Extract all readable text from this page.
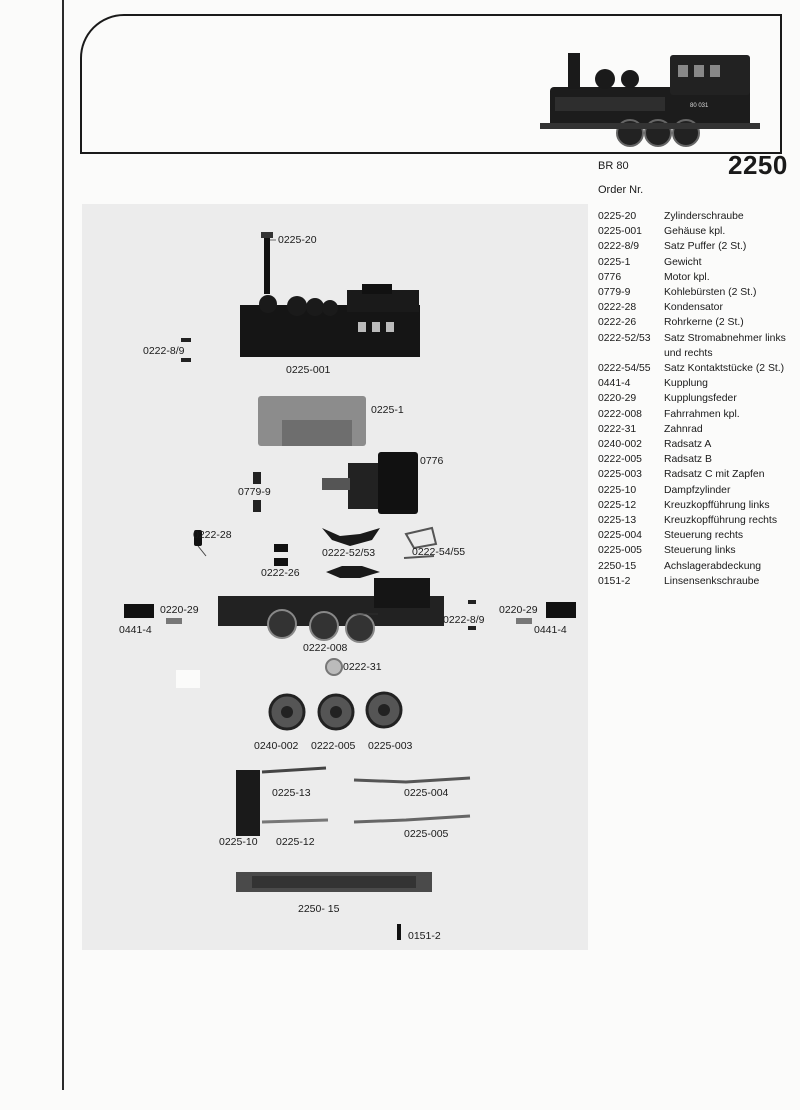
80 031
BR 80	2250
Order Nr.
0225-20	Zylinderschraube
0225-001	Gehäuse kpl.
0222-8/9	Satz Puffer (2 St.)
0225-1	Gewicht
0776	Motor kpl.
0779-9	Kohlebürsten (2 St.)
0222-28	Kondensator
0222-26	Rohrkerne (2 St.)
0222-52/53	Satz Stromabnehmer links und rechts
0222-54/55	Satz Kontaktstücke (2 St.)
0441-4	Kupplung
0220-29	Kupplungsfeder
0222-008	Fahrrahmen kpl.
0222-31	Zahnrad
0240-002	Radsatz A
0222-005	Radsatz B
0225-003	Radsatz C mit Zapfen
0225-10	Dampfzylinder
0225-12	Kreuzkopfführung links
0225-13	Kreuzkopfführung rechts
0225-004	Steuerung rechts
0225-005	Steuerung links
2250-15	Achslagerabdeckung
0151-2	Linsensenkschraube
0225-20
0222-8/9
0225-001
0225-1
0776
0779-9
0222-28
0222-52/53	0222-54/55
0222-26
0220-29
0441-4
0222-8/9
0220-29
0441-4
0222-008
0222-31
0240-002 0222-005 0225-003
0225-13	0225-004
0225-10 0225-12
0225-005
2250- 15
0151-2
